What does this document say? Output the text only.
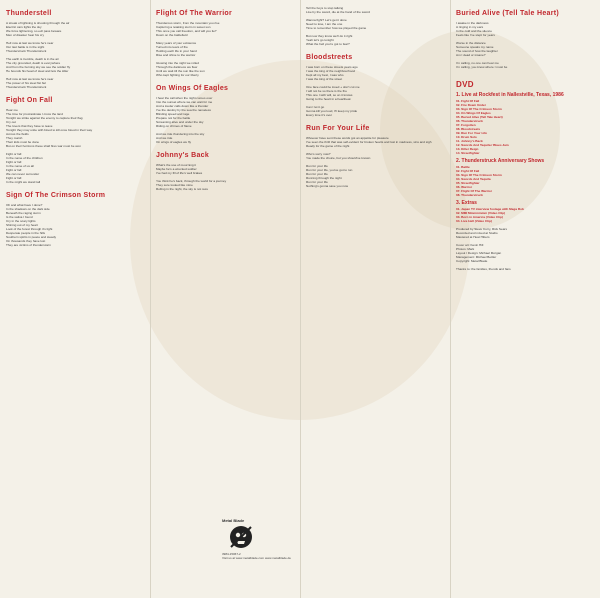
Thunderstell
A streak of lightning is shooting through the air
Electric cars lights the sky
We force lightening, so evil pass beware
Men of disaster hear his cry
Hell now at last we know he's near
Our last battle is in the sight
Thunderstruck Thunderstruck
The earth is tremble, death is in the air
The city grounded, death is everywhere
And from the burning sky we see the soldier fly
He bounds his head of steel and lets the killer
Hell now at last we know he's near
The power of his steel fist fiel
Thunderstruck Thunderstruck
Fight On Fall
Hear me
The time for procrastinate l cross the land
Tonight we strike against the enemy to capture their flag
Cry out
The lovers that they have to leave
Tonight they may unite with blood to kill once blood in their way
Across the fields
They marsh
Their kids must be done
But on their horizons these shall fires war must be won
Fight or fall
In the name of the children
Fight or fall
In the name of us all
Fight or fall
We can never surrender
Fight or fall
In the might we stand tall
Sign Of The Crimson Storm
Oh and what have I done?
In the shadows on the dark side
Beneath the raging storm
Is the saliva I found
Cry in the scary lights
Shining out of my heart
Look of the forest through it's light
Desperate people in the hills
Southern spirits in peace and steady
On thousands they have lost
They are victims of thunderstorm
Flight Of The Warrior
Thunderous storm, from the mountain you rise
Capturing a retaking storm in sweet sun
This once you call freedom, and will you lie?
Down on the battlefield
Many years of your existence
Turned into tears of fire
Holding each life in your hand
Rise and shine to the warrior
Glowing into the night we rolled
Through the darkness we flew
Until we wait till the sun like the sun
Who kept fighting for our liberty
On Wings Of Eagles
I hear the call when the night comes over
Into the sunset where we can wait for me
And a louder calls down like a thunder
I've the destiny by the sea the nameless
Blinding speed and rage
Prepare not for the battle
Screaming alive and under the sky
Riding on chimes of flame
And we ride thundering into the sky
And we ride
On wings of eagles we fly
Johnny's Back
What's the use of mourning it
Maybe he's a wrecked soldier
I've had my fill of life's well brakes
You think he's back, through the world for a journey
They sure looked like mine
Rolling in the night, the sky is not sure
Tell the boys to stop talking
Live by the sword, die at the hand of the sword
Wanna fight? Let's get it done
Need to lose, I am the one
Time to remember how we played the game
But now they know we'll do it right
Yeah let's go tonight
What the hell you're got to fear?
Bloodstreets
I was born on these streets years ago
I was the king of the neighbourhood
Kept all my best, I was who
I was the king of the street
One face could be loved + don't cut me
I will not be so there is the fire
This one I with will, so on it knows
Going to the heart in a heartbeat
Can I let it go
Gonna kill you loud, I'll keep my pride
Every time it's over
Run For Your Life
Whoever have sent these words got an appetite for pleasure
I've seen the thrill that was self-evident for broken hearts and lost in madness, sins and sigh
Ready for the game of the night
Who's sorry now?
You made the choice, but you should've known
Run for your life
Run for your life, you've got to run
Run for your life
Running through the night
Run for your life
Nothing's gonna save you now
Buried Alive (Tell Tale Heart)
I awake in the darkness
A ringing in my ears
In the cold and the silence
Feels like I've slept for years
Worse in the distance
Someone speaks my name
The sound of how the laughter
Am I dead or insane?
I'm calling, no one can hear me
I'm calling, you know where I must be
DVD
1. Live at Rockfest in Nallestville, Texas, 1986
01. Fight Of Fall
02. Fire Down Under
03. Sign Of The Crimson Storm
04. On Wings Of Eagles
05. Buried Alive (Tell Tale Heart)
06. Thunderstruck
07. Forgotten
08. Bloodstreets
09. Run For Your Life
10. Drum Solo
11. Johnny's Back
12. Swords And Tequila / Blues Jam
13. Killer Reign
14. Streetfighter
2. Thunderstruck Anniversary Shows
01. Battle
02. Fight Of Fall
03. Sign Of The Crimson Storm
04. Swords And Tequila
05. Streetfighter
06. Warrior
07. Flight Of The Warrior
08. Thunderstruck
3. Extras
01. Japan TV interview footage with Mega Rob
02. MMI Mmmmmmm (Video Clip)
03. Born in America (Video Clip)
04. Live Hell (Video Clip)
Produced by Steve Curry, Rick Sears
Recorded and mixed at Studio
Mastered at Heat Hitters
Cover art: Kevin Hill
Photos: Mark
Layout / Design: Michael Morgan
Management: Michael Bettler
Copyright: Metal Blade
Thanks to: the families, friends and fans
Metal Blade
3984-15067-2
Visit us at www.metalblade.com www.metalblade.de
